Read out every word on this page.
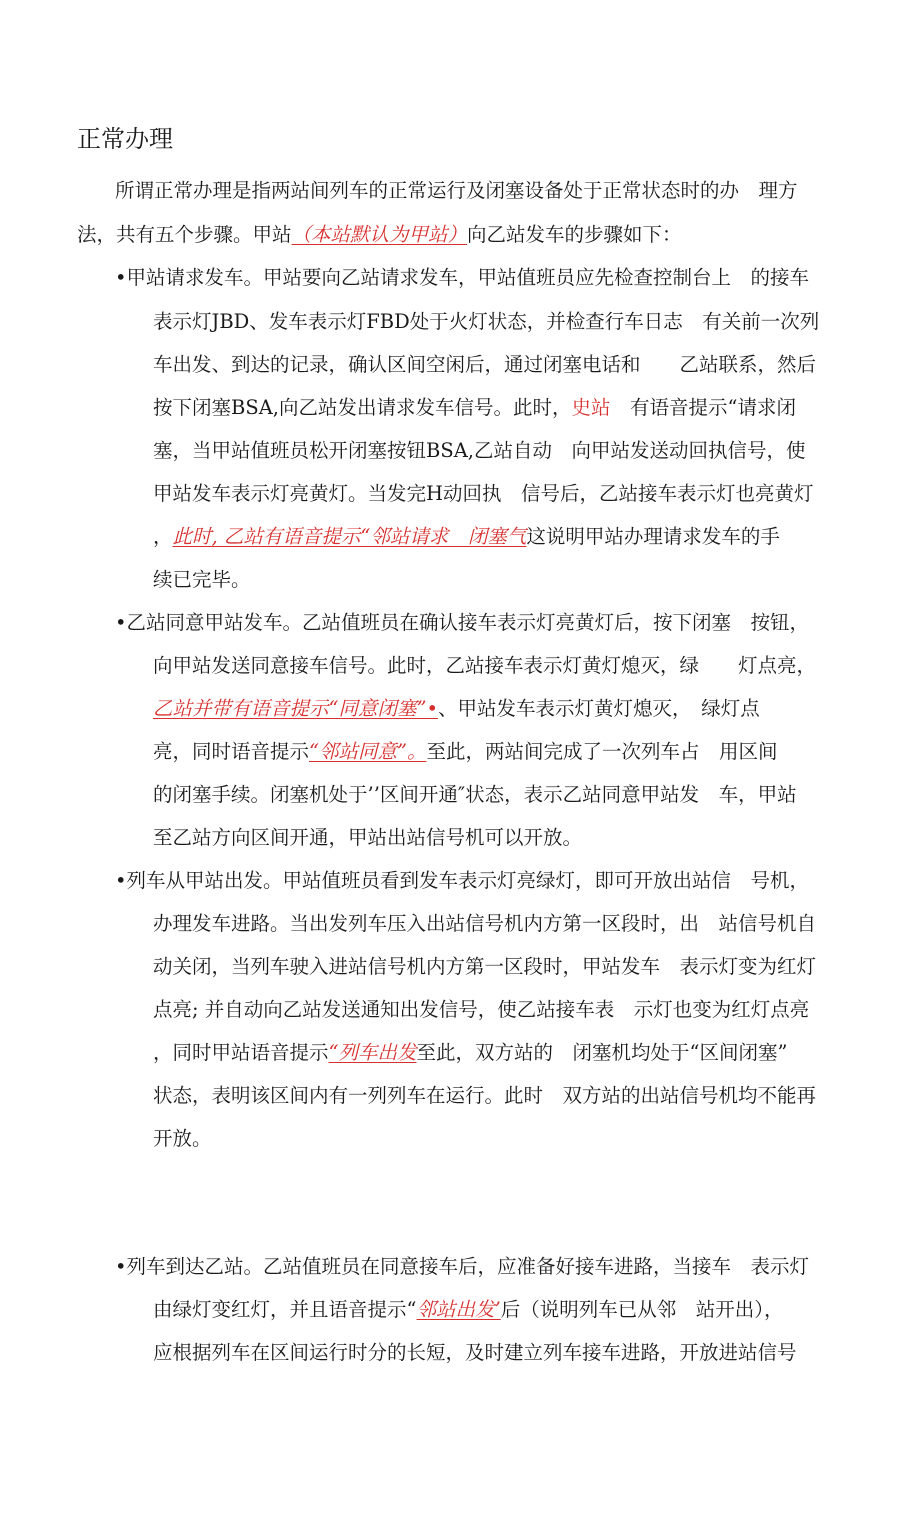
正常办理
所谓正常办理是指两站间列车的正常运行及闭塞设备处于正常状态时的办　理方
法，共有五个步骤。甲站（本站默认为甲站）向乙站发车的步骤如下：
•甲站请求发车。甲站要向乙站请求发车，甲站值班员应先检查控制台上　的接车
表示灯JBD、发车表示灯FBD处于火灯状态，并检查行车日志　有关前一次列
车出发、到达的记录，确认区间空闲后，通过闭塞电话和　　乙站联系，然后
按下闭塞BSA,向乙站发出请求发车信号。此时，史站　有语音提示“请求闭
塞，当甲站值班员松开闭塞按钮BSA,乙站自动　向甲站发送动回执信号，使
甲站发车表示灯亮黄灯。当发完H动回执　信号后，乙站接车表示灯也亮黄灯
，此时, 乙站有语音提示“邻站请求　闭塞气这说明甲站办理请求发车的手
续已完毕。
•乙站同意甲站发车。乙站值班员在确认接车表示灯亮黄灯后，按下闭塞　按钮，
向甲站发送同意接车信号。此时，乙站接车表示灯黄灯熄灭，绿　　灯点亮，
乙站并带有语音提示“同意闭塞”•、甲站发车表示灯黄灯熄灭，　绿灯点
亮，同时语音提示“邻站同意”。至此，两站间完成了一次列车占　用区间
的闭塞手续。闭塞机处于’’区间开通″状态，表示乙站同意甲站发　车，甲站
至乙站方向区间开通，甲站出站信号机可以开放。
•列车从甲站出发。甲站值班员看到发车表示灯亮绿灯，即可开放出站信　号机，
办理发车进路。当出发列车压入出站信号机内方第一区段时，出　站信号机自
动关闭，当列车驶入进站信号机内方第一区段时，甲站发车　表示灯变为红灯
点亮; 并自动向乙站发送通知出发信号，使乙站接车表　示灯也变为红灯点亮
，同时甲站语音提示“列车出发至此，双方站的　闭塞机均处于“区间闭塞”
状态，表明该区间内有一列列车在运行。此时　双方站的出站信号机均不能再
开放。
•列车到达乙站。乙站值班员在同意接车后，应准备好接车进路，当接车　表示灯
由绿灯变红灯，并且语音提示“邻站出发’后（说明列车已从邻　站开出），
应根据列车在区间运行时分的长短，及时建立列车接车进路，开放进站信号
